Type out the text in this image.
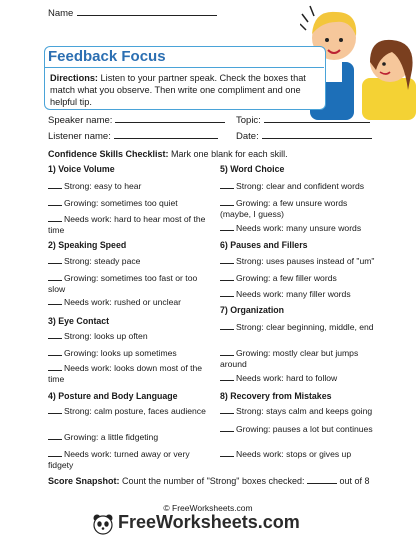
Name
Feedback Focus
Directions: Listen to your partner speak. Check the boxes that match what you observe. Then write one compliment and one helpful tip.
Speaker name:	Topic:
Listener name:	Date:
Confidence Skills Checklist: Mark one blank for each skill.
1) Voice Volume
Strong: easy to hear
Growing: sometimes too quiet
Needs work: hard to hear most of the time
2) Speaking Speed
Strong: steady pace
Growing: sometimes too fast or too slow
Needs work: rushed or unclear
3) Eye Contact
Strong: looks up often
Growing: looks up sometimes
Needs work: looks down most of the time
4) Posture and Body Language
Strong: calm posture, faces audience
Growing: a little fidgeting
Needs work: turned away or very fidgety
5) Word Choice
Strong: clear and confident words
Growing: a few unsure words (maybe, I guess)
Needs work: many unsure words
6) Pauses and Fillers
Strong: uses pauses instead of "um"
Growing: a few filler words
Needs work: many filler words
7) Organization
Strong: clear beginning, middle, end
Growing: mostly clear but jumps around
Needs work: hard to follow
8) Recovery from Mistakes
Strong: stays calm and keeps going
Growing: pauses a lot but continues
Needs work: stops or gives up
Score Snapshot: Count the number of "Strong" boxes checked:	out of 8
© FreeWorksheets.com
FreeWorksheets.com
